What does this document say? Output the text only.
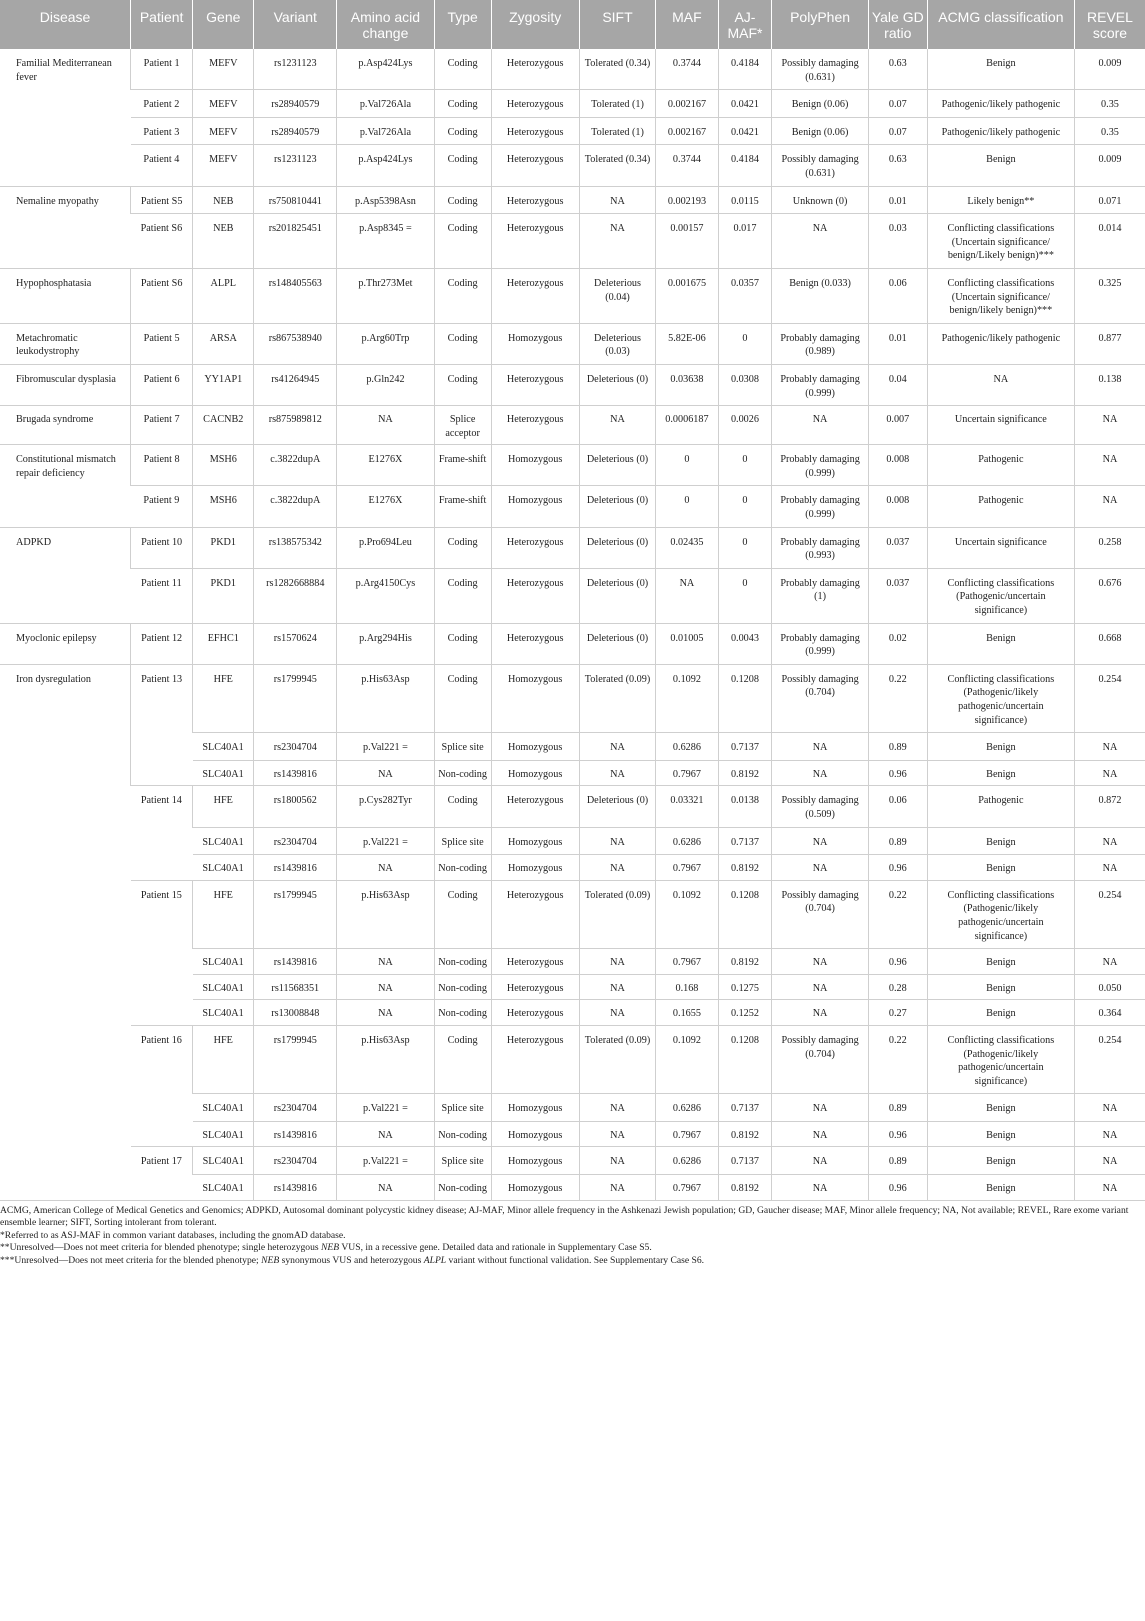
Disease	Patient	Gene	Variant	Amino acid change	Type	Zygosity	SIFT	MAF	AJ-MAF*	PolyPhen	Yale GD ratio	ACMG classification	REVEL score
Familial Mediterranean fever	Patient 1	MEFV	rs1231123	p.Asp424Lys	Coding	Heterozygous	Tolerated (0.34)	0.3744	0.4184	Possibly damaging (0.631)	0.63	Benign	0.009
	Patient 2	MEFV	rs28940579	p.Val726Ala	Coding	Heterozygous	Tolerated (1)	0.002167	0.0421	Benign (0.06)	0.07	Pathogenic/likely pathogenic	0.35
	Patient 3	MEFV	rs28940579	p.Val726Ala	Coding	Heterozygous	Tolerated (1)	0.002167	0.0421	Benign (0.06)	0.07	Pathogenic/likely pathogenic	0.35
	Patient 4	MEFV	rs1231123	p.Asp424Lys	Coding	Heterozygous	Tolerated (0.34)	0.3744	0.4184	Possibly damaging (0.631)	0.63	Benign	0.009
Nemaline myopathy	Patient S5	NEB	rs750810441	p.Asp5398Asn	Coding	Heterozygous	NA	0.002193	0.0115	Unknown (0)	0.01	Likely benign**	0.071
	Patient S6	NEB	rs201825451	p.Asp8345 =	Coding	Heterozygous	NA	0.00157	0.017	NA	0.03	Conflicting classifications (Uncertain significance/ benign/Likely benign)***	0.014
Hypophosphatasia	Patient S6	ALPL	rs148405563	p.Thr273Met	Coding	Heterozygous	Deleterious (0.04)	0.001675	0.0357	Benign (0.033)	0.06	Conflicting classifications (Uncertain significance/ benign/likely benign)***	0.325
Metachromatic leukodystrophy	Patient 5	ARSA	rs867538940	p.Arg60Trp	Coding	Homozygous	Deleterious (0.03)	5.82E-06	0	Probably damaging (0.989)	0.01	Pathogenic/likely pathogenic	0.877
Fibromuscular dysplasia	Patient 6	YY1AP1	rs41264945	p.Gln242	Coding	Heterozygous	Deleterious (0)	0.03638	0.0308	Probably damaging (0.999)	0.04	NA	0.138
Brugada syndrome	Patient 7	CACNB2	rs875989812	NA	Splice acceptor	Heterozygous	NA	0.0006187	0.0026	NA	0.007	Uncertain significance	NA
Constitutional mismatch repair deficiency	Patient 8	MSH6	c.3822dupA	E1276X	Frame-shift	Homozygous	Deleterious (0)	0	0	Probably damaging (0.999)	0.008	Pathogenic	NA
	Patient 9	MSH6	c.3822dupA	E1276X	Frame-shift	Homozygous	Deleterious (0)	0	0	Probably damaging (0.999)	0.008	Pathogenic	NA
ADPKD	Patient 10	PKD1	rs138575342	p.Pro694Leu	Coding	Heterozygous	Deleterious (0)	0.02435	0	Probably damaging (0.993)	0.037	Uncertain significance	0.258
	Patient 11	PKD1	rs1282668884	p.Arg4150Cys	Coding	Heterozygous	Deleterious (0)	NA	0	Probably damaging (1)	0.037	Conflicting classifications (Pathogenic/uncertain significance)	0.676
Myoclonic epilepsy	Patient 12	EFHC1	rs1570624	p.Arg294His	Coding	Heterozygous	Deleterious (0)	0.01005	0.0043	Probably damaging (0.999)	0.02	Benign	0.668
Iron dysregulation	Patient 13	HFE	rs1799945	p.His63Asp	Coding	Homozygous	Tolerated (0.09)	0.1092	0.1208	Possibly damaging (0.704)	0.22	Conflicting classifications (Pathogenic/likely pathogenic/uncertain significance)	0.254
		SLC40A1	rs2304704	p.Val221 =	Splice site	Homozygous	NA	0.6286	0.7137	NA	0.89	Benign	NA
		SLC40A1	rs1439816	NA	Non-coding	Homozygous	NA	0.7967	0.8192	NA	0.96	Benign	NA
	Patient 14	HFE	rs1800562	p.Cys282Tyr	Coding	Heterozygous	Deleterious (0)	0.03321	0.0138	Possibly damaging (0.509)	0.06	Pathogenic	0.872
		SLC40A1	rs2304704	p.Val221 =	Splice site	Homozygous	NA	0.6286	0.7137	NA	0.89	Benign	NA
		SLC40A1	rs1439816	NA	Non-coding	Homozygous	NA	0.7967	0.8192	NA	0.96	Benign	NA
	Patient 15	HFE	rs1799945	p.His63Asp	Coding	Heterozygous	Tolerated (0.09)	0.1092	0.1208	Possibly damaging (0.704)	0.22	Conflicting classifications (Pathogenic/likely pathogenic/uncertain significance)	0.254
		SLC40A1	rs1439816	NA	Non-coding	Heterozygous	NA	0.7967	0.8192	NA	0.96	Benign	NA
		SLC40A1	rs11568351	NA	Non-coding	Heterozygous	NA	0.168	0.1275	NA	0.28	Benign	0.050
		SLC40A1	rs13008848	NA	Non-coding	Heterozygous	NA	0.1655	0.1252	NA	0.27	Benign	0.364
	Patient 16	HFE	rs1799945	p.His63Asp	Coding	Heterozygous	Tolerated (0.09)	0.1092	0.1208	Possibly damaging (0.704)	0.22	Conflicting classifications (Pathogenic/likely pathogenic/uncertain significance)	0.254
		SLC40A1	rs2304704	p.Val221 =	Splice site	Homozygous	NA	0.6286	0.7137	NA	0.89	Benign	NA
		SLC40A1	rs1439816	NA	Non-coding	Homozygous	NA	0.7967	0.8192	NA	0.96	Benign	NA
	Patient 17	SLC40A1	rs2304704	p.Val221 =	Splice site	Homozygous	NA	0.6286	0.7137	NA	0.89	Benign	NA
		SLC40A1	rs1439816	NA	Non-coding	Homozygous	NA	0.7967	0.8192	NA	0.96	Benign	NA

ACMG, American College of Medical Genetics and Genomics; ADPKD, Autosomal dominant polycystic kidney disease; AJ-MAF, Minor allele frequency in the Ashkenazi Jewish population; GD, Gaucher disease; MAF, Minor allele frequency; NA, Not available; REVEL, Rare exome variant ensemble learner; SIFT, Sorting intolerant from tolerant.

*Referred to as ASJ-MAF in common variant databases, including the gnomAD database.

**Unresolved—Does not meet criteria for blended phenotype; single heterozygous NEB VUS, in a recessive gene. Detailed data and rationale in Supplementary Case S5.

***Unresolved—Does not meet criteria for the blended phenotype; NEB synonymous VUS and heterozygous ALPL variant without functional validation. See Supplementary Case S6.
